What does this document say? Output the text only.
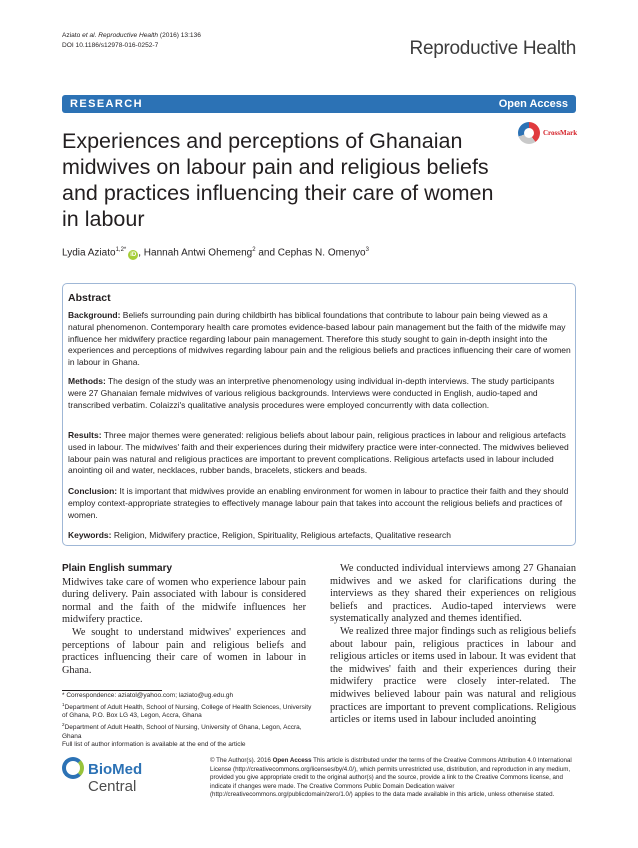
Aziato et al. Reproductive Health (2016) 13:136
DOI 10.1186/s12978-016-0252-7	Reproductive Health
RESEARCH	Open Access
Experiences and perceptions of Ghanaian midwives on labour pain and religious beliefs and practices influencing their care of women in labour
CrossMark
Lydia Aziato$^{1,2*}$iD , Hannah Antwi Ohemeng$^2$ and Cephas N. Omenyo$^3$
Abstract
Background: Beliefs surrounding pain during childbirth has biblical foundations that contribute to labour pain being viewed as a natural phenomenon. Contemporary health care promotes evidence-based labour pain management but the faith of the midwife may influence her midwifery practice regarding labour pain management. Therefore this study sought to gain in-depth insight into the experiences and perceptions of midwives regarding labour pain and the religious beliefs and practices influencing their care of women in labour in Ghana.
Methods: The design of the study was an interpretive phenomenology using individual in-depth interviews. The study participants were 27 Ghanaian female midwives of various religious backgrounds. Interviews were conducted in English, audio-taped and transcribed verbatim. Colaizzi's qualitative analysis procedures were employed concurrently with data collection.
Results: Three major themes were generated: religious beliefs about labour pain, religious practices in labour and religious artefacts used in labour. The midwives' faith and their experiences during their midwifery practice were inter-connected. The midwives believed labour pain was natural and religious practices are important to prevent complications. Religious artefacts used in labour included anointing oil and water, necklaces, rubber bands, bracelets, stickers and beads.
Conclusion: It is important that midwives provide an enabling environment for women in labour to practice their faith and they should employ context-appropriate strategies to effectively manage labour pain that takes into account the religious beliefs and practices of women.
Keywords: Religion, Midwifery practice, Religion, Spirituality, Religious artefacts, Qualitative research
Plain English summary

Midwives take care of women who experience labour pain during delivery. Pain associated with labour is considered normal and the faith of the midwife influences her midwifery practice.

We sought to understand midwives' experiences and perceptions of labour pain and religious beliefs and practices influencing their care of women in labour in Ghana.

We conducted individual interviews among 27 Ghanaian midwives and we asked for clarifications during the interviews as they shared their experiences on religious beliefs and practices. Audio-taped interviews were systematically analyzed and themes identified.

We realized three major findings such as religious beliefs about labour pain, religious practices in labour and religious articles or items used in labour. It was evident that the midwives' faith and their experiences during their midwifery practice were closely inter-related. The midwives believed labour pain was natural and religious practices are important to prevent complications. Religious articles or items used in labour included anointing

* Correspondence: aziatol@yahoo.com; laziato@ug.edu.gh
$^1$Department of Adult Health, School of Nursing, College of Health Sciences, University of Ghana, P.O. Box LG 43, Legon, Accra, Ghana
$^2$Department of Adult Health, School of Nursing, University of Ghana, Legon, Accra, Ghana
Full list of author information is available at the end of the article
BioMed Central
© The Author(s). 2016 Open Access This article is distributed under the terms of the Creative Commons Attribution 4.0 International License (http://creativecommons.org/licenses/by/4.0/), which permits unrestricted use, distribution, and reproduction in any medium, provided you give appropriate credit to the original author(s) and the source, provide a link to the Creative Commons license, and indicate if changes were made. The Creative Commons Public Domain Dedication waiver (http://creativecommons.org/publicdomain/zero/1.0/) applies to the data made available in this article, unless otherwise stated.
